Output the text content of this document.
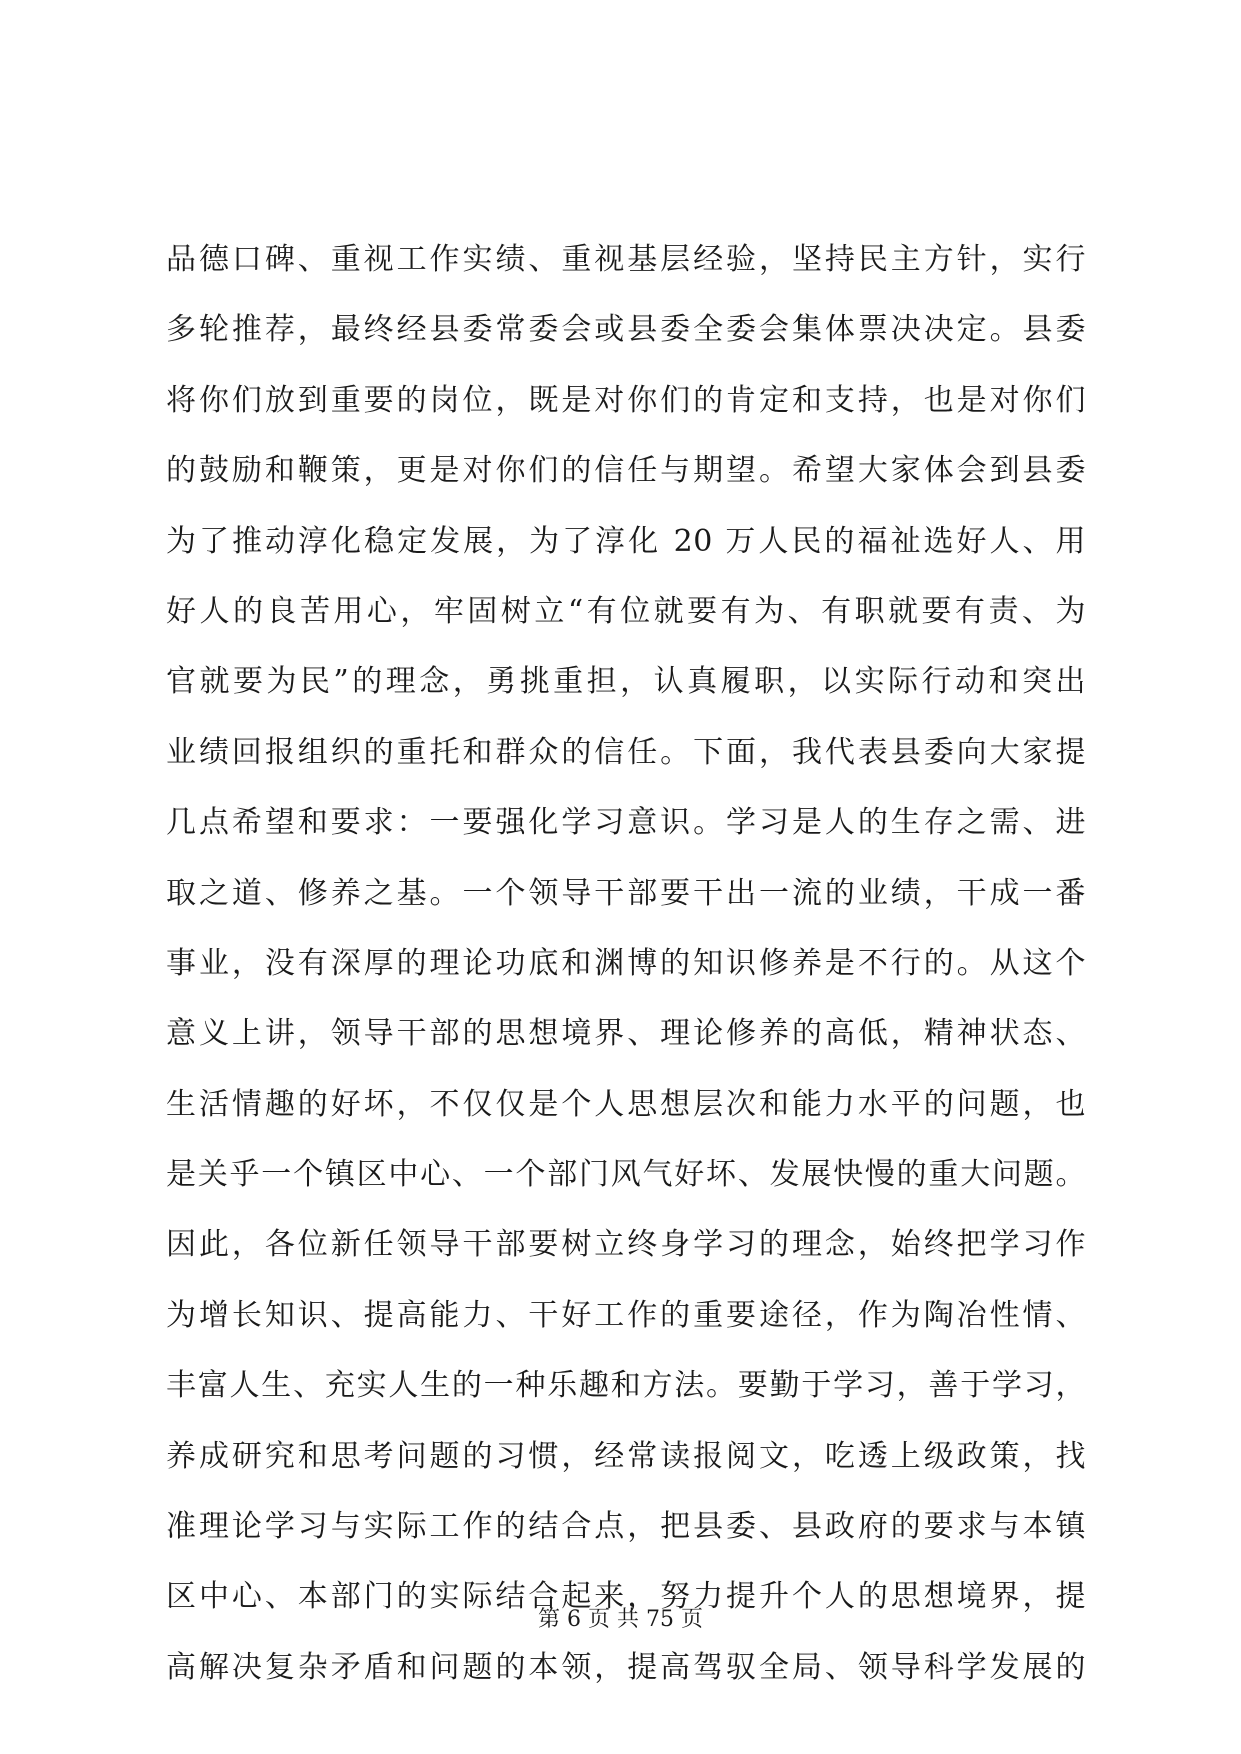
品德口碑、重视工作实绩、重视基层经验，坚持民主方针，实行
多轮推荐，最终经县委常委会或县委全委会集体票决决定。县委
将你们放到重要的岗位，既是对你们的肯定和支持，也是对你们
的鼓励和鞭策，更是对你们的信任与期望。希望大家体会到县委
为了推动淳化稳定发展，为了淳化 20 万人民的福祉选好人、用
好人的良苦用心，牢固树立“有位就要有为、有职就要有责、为
官就要为民”的理念，勇挑重担，认真履职，以实际行动和突出
业绩回报组织的重托和群众的信任。下面，我代表县委向大家提
几点希望和要求：一要强化学习意识。学习是人的生存之需、进
取之道、修养之基。一个领导干部要干出一流的业绩，干成一番
事业，没有深厚的理论功底和渊博的知识修养是不行的。从这个
意义上讲，领导干部的思想境界、理论修养的高低，精神状态、
生活情趣的好坏，不仅仅是个人思想层次和能力水平的问题，也
是关乎一个镇区中心、一个部门风气好坏、发展快慢的重大问题。
因此，各位新任领导干部要树立终身学习的理念，始终把学习作
为增长知识、提高能力、干好工作的重要途径，作为陶冶性情、
丰富人生、充实人生的一种乐趣和方法。要勤于学习，善于学习，
养成研究和思考问题的习惯，经常读报阅文，吃透上级政策，找
准理论学习与实际工作的结合点，把县委、县政府的要求与本镇
区中心、本部门的实际结合起来，努力提升个人的思想境界，提
高解决复杂矛盾和问题的本领，提高驾驭全局、领导科学发展的
第 6 页 共 75 页
